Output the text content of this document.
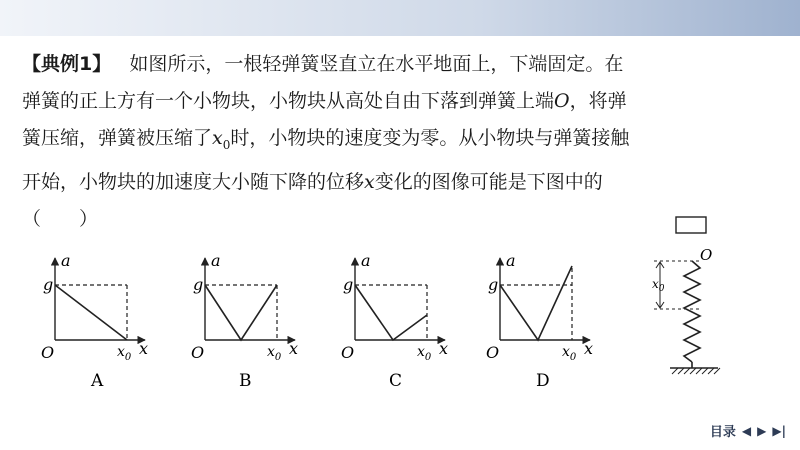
【典例1】 如图所示，一根轻弹簧竖直立在水平地面上，下端固定。在
弹簧的正上方有一个小物块，小物块从高处自由下落到弹簧上端O，将弹
簧压缩，弹簧被压缩了$x_0$时，小物块的速度变为零。从小物块与弹簧接触
开始，小物块的加速度大小随下降的位移x变化的图像可能是下图中的
（　　）
a
g
O	$x_0$ x
A
a
g
O	$x_0$ x
B
a
g
O	$x_0$ x
C
a
g
O	$x_0$ x
D
$x_0$
O
目录 ◀ ▶ ▶|
